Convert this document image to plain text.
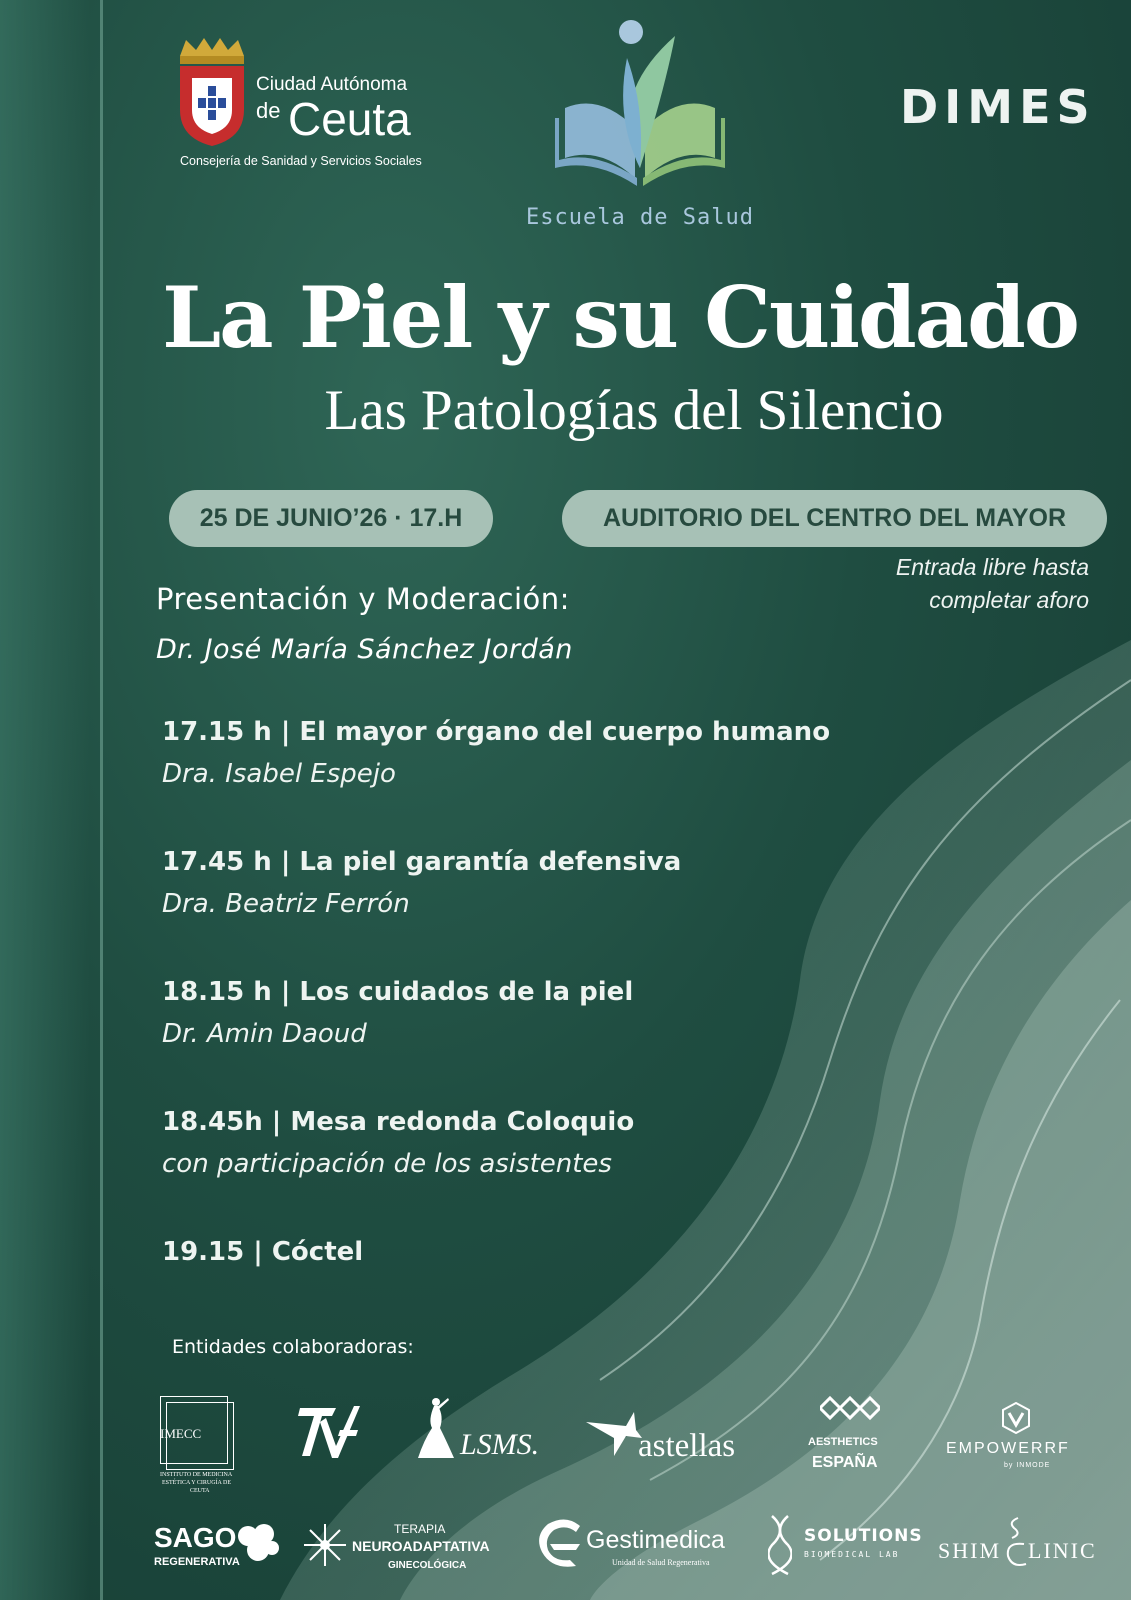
Ciudad Autónoma
de Ceuta
Consejería de Sanidad y Servicios Sociales
Escuela de Salud
DIMES
La Piel y su Cuidado
Las Patologías del Silencio
25 DE JUNIO’26 · 17.H	AUDITORIO DEL CENTRO DEL MAYOR
Entrada libre hasta
completar aforo
Presentación y Moderación:
Dr. José María Sánchez Jordán
17.15 h | El mayor órgano del cuerpo humano
Dra. Isabel Espejo
17.45 h | La piel garantía defensiva
Dra. Beatriz Ferrón
18.15 h | Los cuidados de la piel
Dr. Amin Daoud
18.45h | Mesa redonda Coloquio
con participación de los asistentes
19.15 | Cóctel
Entidades colaboradoras:
IMECC
INSTITUTO DE MEDICINA
ESTÉTICA Y CIRUGÍA DE
CEUTA
LSMS.	astellas	AESTHETICS
ESPAÑA
EMPOWERRF
by INMODE
SAGO
REGENERATIVA
TERAPIA
NEUROADAPTATIVA
GINECOLÓGICA
Gestimedica
Unidad de Salud Regenerativa
SOLUTIONS
BIOMEDICAL LAB SHIM LINIC
